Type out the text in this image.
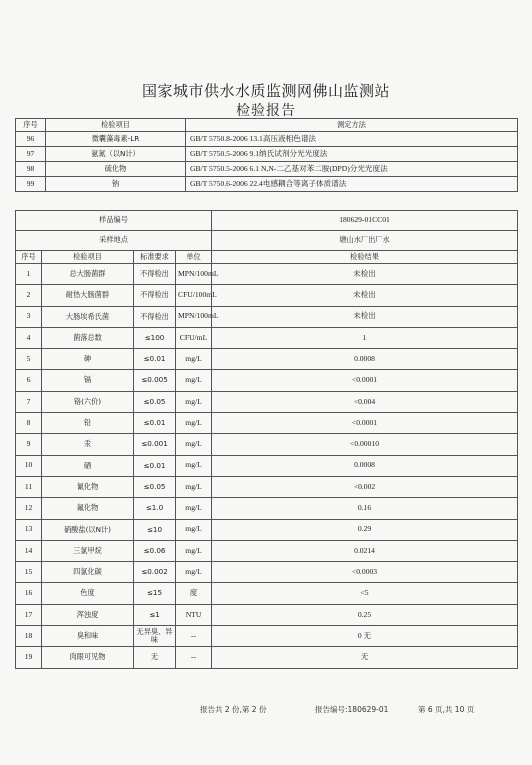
国家城市供水水质监测网佛山监测站
检验报告
序号	检验项目	测定方法
96	微囊藻毒素-LR	GB/T 5750.8-2006 13.1高压液相色谱法
97	氨氮（以N计）	GB/T 5750.5-2006 9.1纳氏试剂分光光度法
98	硫化物	GB/T 5750.5-2006 6.1 N,N-二乙基对苯二胺(DPD)分光光度法
99	钠	GB/T 5750.6-2006 22.4电感耦合等离子体质谱法
样品编号				180629-01CC01
采样地点				塘山水厂出厂水
序号	检验项目	标准要求	单位	检验结果
1	总大肠菌群	不得检出	MPN/100mL	未检出
2	耐热大肠菌群	不得检出	CFU/100mL	未检出
3	大肠埃希氏菌	不得检出	MPN/100mL	未检出
4	菌落总数	≤100	CFU/mL	1
5	砷	≤0.01	mg/L	0.0008
6	镉	≤0.005	mg/L	<0.0001
7	铬(六价)	≤0.05	mg/L	<0.004
8	铅	≤0.01	mg/L	<0.0001
9	汞	≤0.001	mg/L	<0.00010
10	硒	≤0.01	mg/L	0.0008
11	氰化物	≤0.05	mg/L	<0.002
12	氟化物	≤1.0	mg/L	0.16
13	硝酸盐(以N计)	≤10	mg/L	0.29
14	三氯甲烷	≤0.06	mg/L	0.0214
15	四氯化碳	≤0.002	mg/L	<0.0003
16	色度	≤15	度	<5
17	浑浊度	≤1	NTU	0.25
18	臭和味	无异臭、异味	--	0 无
19	肉眼可见物	无	--	无
报告共 2 份,第 2 份	报告编号:180629-01	第 6 页,共 10 页
